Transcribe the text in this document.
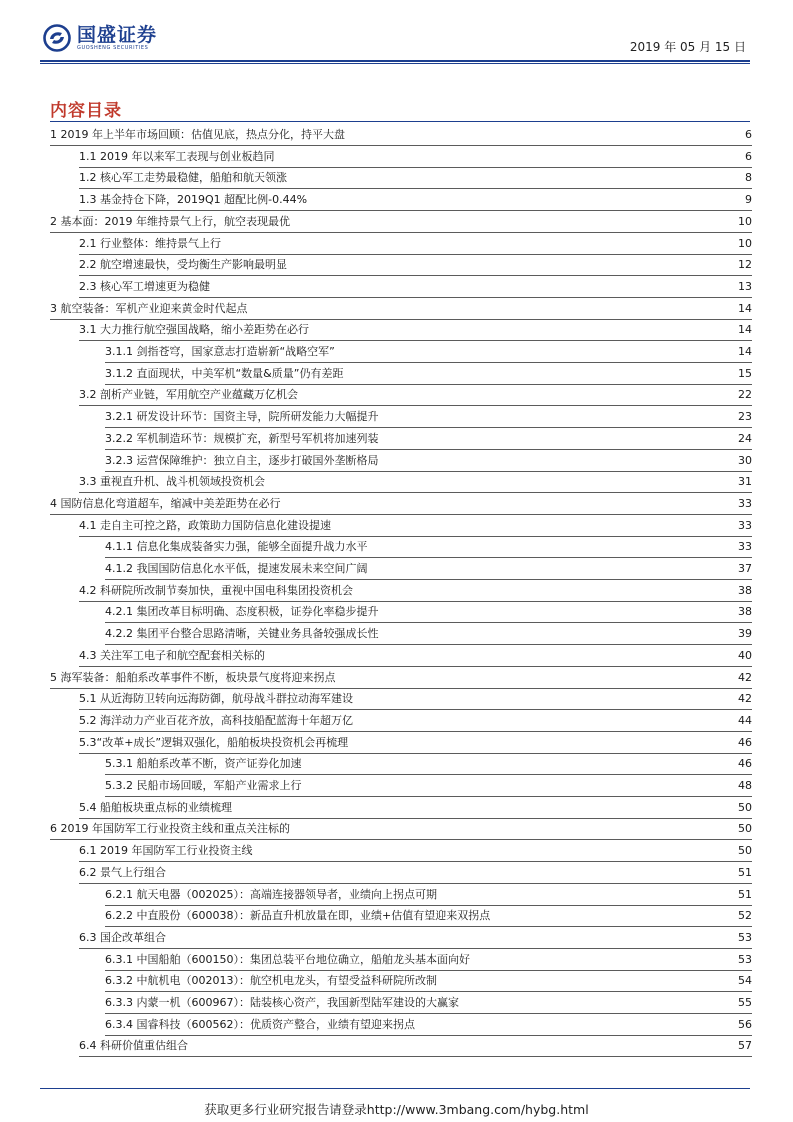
国盛证券
GUOSHENG SECURITIES	2019 年 05 月 15 日
内容目录
1 2019 年上半年市场回顾：估值见底，热点分化，持平大盘	6
1.1 2019 年以来军工表现与创业板趋同	6
1.2 核心军工走势最稳健，船舶和航天领涨	8
1.3 基金持仓下降，2019Q1 超配比例-0.44%	9
2 基本面：2019 年维持景气上行，航空表现最优	10
2.1 行业整体：维持景气上行	10
2.2 航空增速最快，受均衡生产影响最明显	12
2.3 核心军工增速更为稳健	13
3 航空装备：军机产业迎来黄金时代起点	14
3.1 大力推行航空强国战略，缩小差距势在必行	14
3.1.1 剑指苍穹，国家意志打造崭新“战略空军”	14
3.1.2 直面现状，中美军机“数量&质量”仍有差距	15
3.2 剖析产业链，军用航空产业蕴藏万亿机会	22
3.2.1 研发设计环节：国资主导，院所研发能力大幅提升	23
3.2.2 军机制造环节：规模扩充，新型号军机将加速列装	24
3.2.3 运营保障维护：独立自主，逐步打破国外垄断格局	30
3.3 重视直升机、战斗机领域投资机会	31
4 国防信息化弯道超车，缩减中美差距势在必行	33
4.1 走自主可控之路，政策助力国防信息化建设提速	33
4.1.1 信息化集成装备实力强，能够全面提升战力水平	33
4.1.2 我国国防信息化水平低，提速发展未来空间广阔	37
4.2 科研院所改制节奏加快，重视中国电科集团投资机会	38
4.2.1 集团改革目标明确、态度积极，证券化率稳步提升	38
4.2.2 集团平台整合思路清晰，关键业务具备较强成长性	39
4.3 关注军工电子和航空配套相关标的	40
5 海军装备：船舶系改革事件不断，板块景气度将迎来拐点	42
5.1 从近海防卫转向远海防御，航母战斗群拉动海军建设	42
5.2 海洋动力产业百花齐放，高科技船配蓝海十年超万亿	44
5.3“改革+成长”逻辑双强化，船舶板块投资机会再梳理	46
5.3.1 船舶系改革不断，资产证券化加速	46
5.3.2 民船市场回暖，军船产业需求上行	48
5.4 船舶板块重点标的业绩梳理	50
6 2019 年国防军工行业投资主线和重点关注标的	50
6.1 2019 年国防军工行业投资主线	50
6.2 景气上行组合	51
6.2.1 航天电器（002025）：高端连接器领导者，业绩向上拐点可期	51
6.2.2 中直股份（600038）：新品直升机放量在即，业绩+估值有望迎来双拐点	52
6.3 国企改革组合	53
6.3.1 中国船舶（600150）：集团总装平台地位确立，船舶龙头基本面向好	53
6.3.2 中航机电（002013）：航空机电龙头，有望受益科研院所改制	54
6.3.3 内蒙一机（600967）：陆装核心资产，我国新型陆军建设的大赢家	55
6.3.4 国睿科技（600562）：优质资产整合，业绩有望迎来拐点	56
6.4 科研价值重估组合	57
获取更多行业研究报告请登录http://www.3mbang.com/hybg.html
